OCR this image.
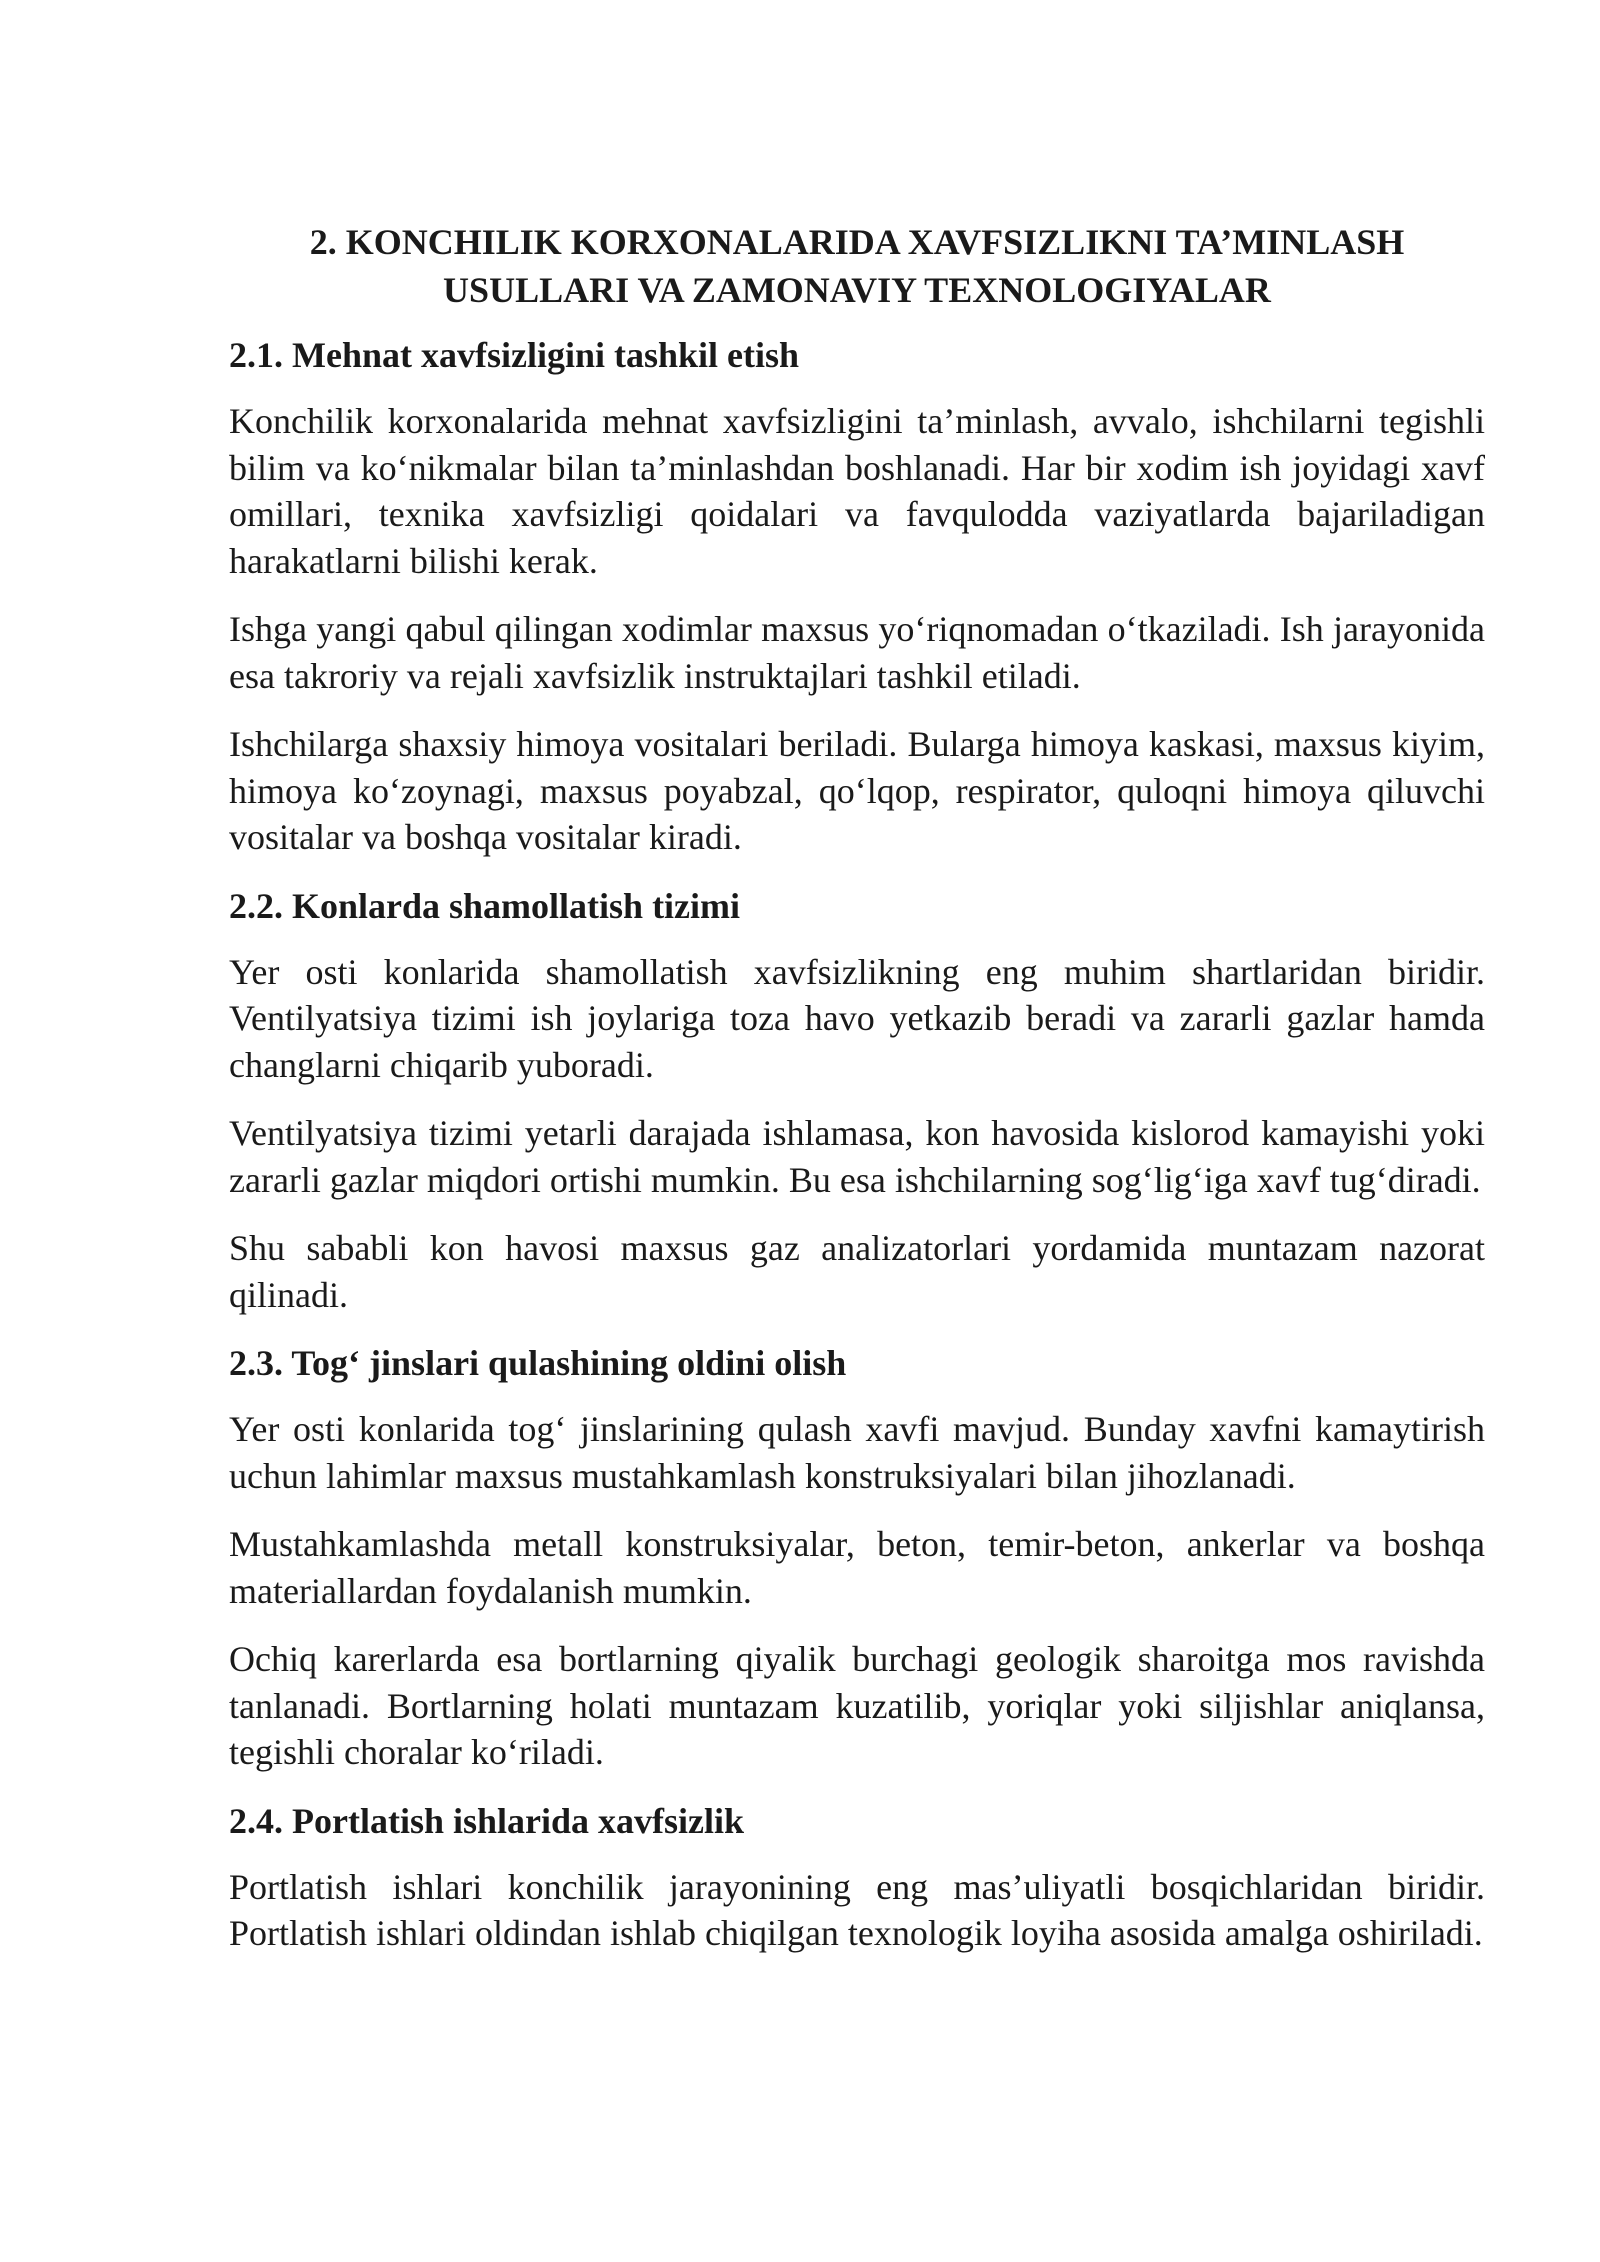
2. KONCHILIK KORXONALARIDA XAVFSIZLIKNI TA’MINLASH
USULLARI VA ZAMONAVIY TEXNOLOGIYALAR
2.1. Mehnat xavfsizligini tashkil etish

Konchilik korxonalarida mehnat xavfsizligini ta’minlash, avvalo, ishchilarni tegishli bilim va koʻnikmalar bilan ta’minlashdan boshlanadi. Har bir xodim ish joyidagi xavf omillari, texnika xavfsizligi qoidalari va favqulodda vaziyatlarda bajariladigan harakatlarni bilishi kerak.

Ishga yangi qabul qilingan xodimlar maxsus yoʻriqnomadan oʻtkaziladi. Ish jarayonida esa takroriy va rejali xavfsizlik instruktajlari tashkil etiladi.

Ishchilarga shaxsiy himoya vositalari beriladi. Bularga himoya kaskasi, maxsus kiyim, himoya koʻzoynagi, maxsus poyabzal, qoʻlqop, respirator, quloqni himoya qiluvchi vositalar va boshqa vositalar kiradi.

2.2. Konlarda shamollatish tizimi

Yer osti konlarida shamollatish xavfsizlikning eng muhim shartlaridan biridir. Ventilyatsiya tizimi ish joylariga toza havo yetkazib beradi va zararli gazlar hamda changlarni chiqarib yuboradi.

Ventilyatsiya tizimi yetarli darajada ishlamasa, kon havosida kislorod kamayishi yoki zararli gazlar miqdori ortishi mumkin. Bu esa ishchilarning sogʻligʻiga xavf tugʻdiradi.

Shu sababli kon havosi maxsus gaz analizatorlari yordamida muntazam nazorat qilinadi.

2.3. Togʻ jinslari qulashining oldini olish

Yer osti konlarida togʻ jinslarining qulash xavfi mavjud. Bunday xavfni kamaytirish uchun lahimlar maxsus mustahkamlash konstruksiyalari bilan jihozlanadi.

Mustahkamlashda metall konstruksiyalar, beton, temir-beton, ankerlar va boshqa materiallardan foydalanish mumkin.

Ochiq karerlarda esa bortlarning qiyalik burchagi geologik sharoitga mos ravishda tanlanadi. Bortlarning holati muntazam kuzatilib, yoriqlar yoki siljishlar aniqlansa, tegishli choralar koʻriladi.

2.4. Portlatish ishlarida xavfsizlik

Portlatish ishlari konchilik jarayonining eng mas’uliyatli bosqichlaridan biridir. Portlatish ishlari oldindan ishlab chiqilgan texnologik loyiha asosida amalga oshiriladi.
